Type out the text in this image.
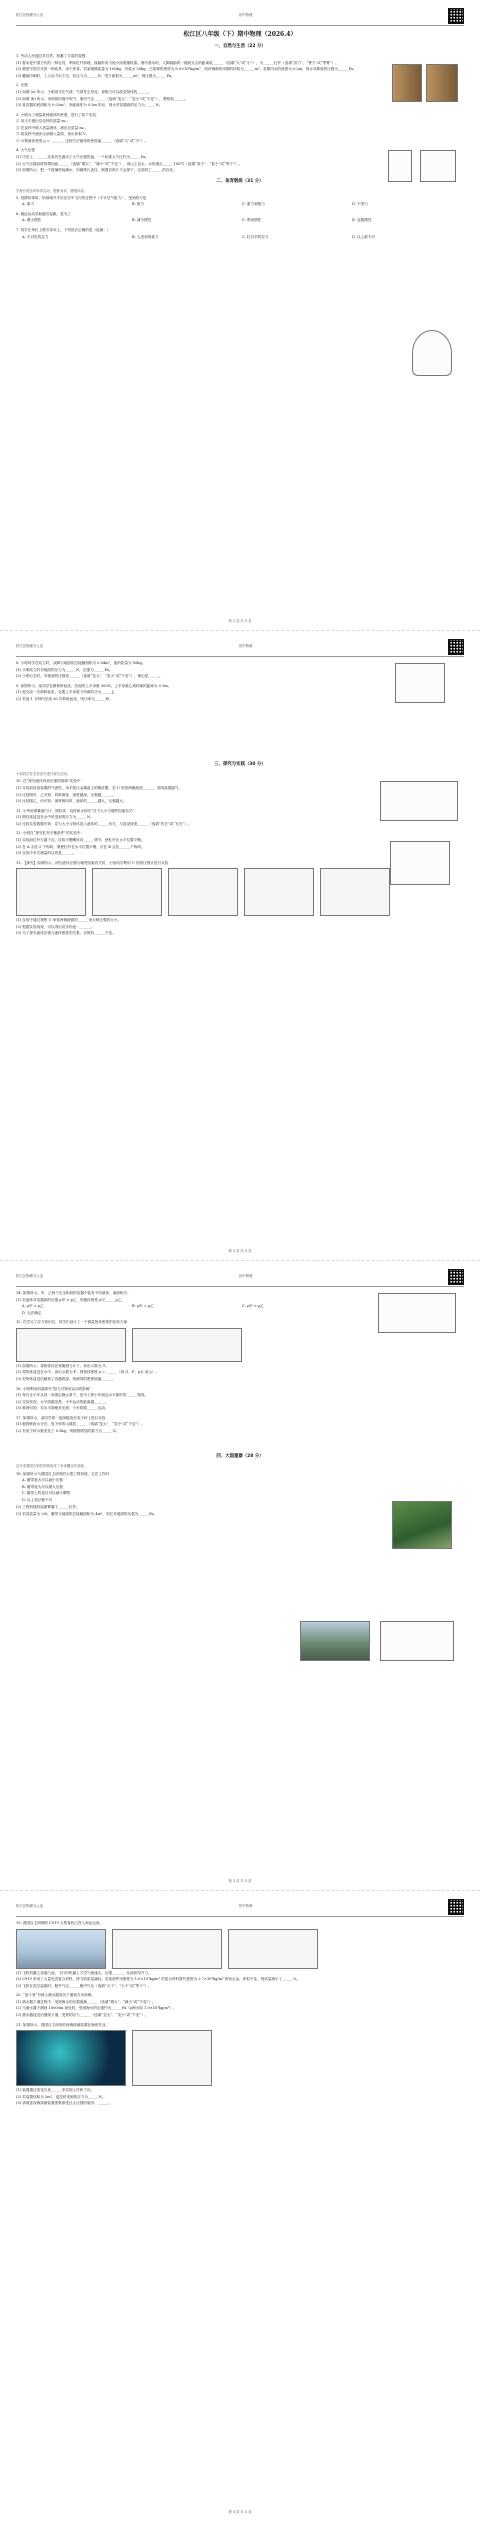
松江区物理办公室	初中物理
松江区八年级（下）期中物理（2026.4）
一、自然与生活（22 分）

1. 劳动人民通过对自然，积累了丰富的智慧。

(1) 舂米是中国古代的一种农具，利用杠杆原理，踩踏时用力较小而舂捶较重。图中舂米时，人脚踩踏的一端到支点的距离较______（选填“大”或“小”），为______杠杆（选填“省力”、“费力”或“等臂”）。

(2) 鼎是中国古代的一种炊具，用于煮食。若某铜鼎质量为 100kg，内装水 50kg，已知铜的密度为 8.9×10³kg/m³，则该铜鼎所用铜的体积为______m³；若鼎内水的深度为 0.2m，则水对鼎底的压强为______Pa。

(3) 雕版印刷时，工人用力向下压，若压力为______N，受力面积为______m²，则压强为______Pa。

2. 压强

(1) 如图 (a) 所示，小明用手压气球，气球发生形变，说明力可以改变物体的______。

(2) 如图 (b) 所示，用细管向瓶中吹气，瓶内气压______（选填“变大”、“变小”或“不变”），观察到______。

(3) 某容器的底面积为 0.02m²，内盛深度为 0.3m 的水，则水对容器底的压力为______N。

3. 小明为了测量某种液体的密度，进行了如下实验：

① 用天平测出空烧杯的质量 m₁；

② 在烧杯中倒入适量液体，测出总质量 m₂；

③ 将烧杯中液体全部倒入量筒，读出体积 V；

④ 计算液体密度 ρ = ______。这种方法测得的密度偏______（选填“大”或“小”）。

4. 大气压强

(1) 历史上，______实验首先测出了大气压强的值，一个标准大气压约为______Pa。

(2) 大气压随高度的增加而______（选填“增大”、“减小”或“不变”），高山上烧水，水的沸点______100℃（选填“高于”、“低于”或“等于”）。

(3) 如图所示，把一个玻璃杯装满水，用硬纸片盖住，倒置后纸片不会掉下，这说明了______的存在。

二、体育锻炼（31 分）
学校开展各种体育活动，锻炼身体，增强体质。

5. 投掷铅球时，铅球离开手后在空中飞行的过程中（不计空气阻力），受到的力是

A. 重力	B. 推力	C. 重力和推力	D. 不受力

6. 跳远运动员助跑后起跳，是为了

A. 增大惯性	B. 减小惯性	C. 利用惯性	D. 克服惯性

7. 同学在单杠上做引体向上，下列说法正确的是（选填：）

A. 手对杠的拉力	B. 人受到的重力	C. 杠对手的拉力	D. 以上都不对
第 1 页 共 5 页
松江区物理办公室	初中物理

8. 小明同学在站立时，双脚与地面的总接触面积为 0.04m²，他的质量为 50kg。

(1) 小明站立时对地面的压力为______N，压强为______Pa。

(2) 小明行走时，对地面的压强将______（选填“变大”、“变小”或“不变”），理由是______。

9. 如图所示，某同学在做仰卧起坐，若他的上半身重 300N，上半身重心到转轴的距离为 0.3m。

(1) 他完成一次仰卧起坐，克服上半身重力所做的功为______J。

(2) 若他 1 分钟内完成 30 次仰卧起坐，则功率为______W。

三、探究与实践（30 分）
小组同学在实验室中进行探究活动。

10. 在“探究液体内部压强的规律”实验中：

(1) 实验前检查装置的气密性，用手按压金属盒上的橡皮膜，若 U 形管两侧液面______，说明装置漏气。

(2) 比较图甲、乙可知：同种液体，深度越深，压强越______。

(3) 比较图乙、丙可知：深度相同时，液体的______越大，压强越大。

11. 小华用弹簧测力计、圆柱体、烧杯和水探究“浮力大小与哪些因素有关”：

(1) 圆柱体浸没在水中时受到的浮力为______N。

(2) 比较实验数据可知：浮力大小与物体浸入液体的______有关，与浸没深度______（选填“有关”或“无关”）。

12. 小明在“探究杠杆平衡条件”的实验中：

(1) 实验前杠杆左端下沉，应将平衡螺母向______调节，使杠杆在水平位置平衡。

(2) 在 A 点挂 2 个钩码，要使杠杆在水平位置平衡，应在 B 点挂______个钩码。

(3) 实验中多次测量的目的是______。

13. 【探究】如图所示，研究液体压强与哪些因素有关时，小组同学利用 U 形管压强计进行实验：

(1) 实验中通过观察 U 形管两侧液面的______来反映压强的大小。

(2) 根据实验现象，可以得出初步结论：______。

(3) 为了探究液体压强与液体密度的关系，应保持______不变。

第 2 页 共 5 页
松江区物理办公室	初中物理

14. 如图所示，甲、乙两个完全相同的容器中装有不同液体，液面相平。

(1) 若液体对容器底的压强 p甲 > p乙，则液体密度 ρ甲______ρ乙。

A. ρ甲 > ρ乙	B. ρ甲 = ρ乙	C. ρ甲 < ρ乙
D. 无法确定

15. 在学习了浮力知识后，同学们设计了一个测量物体密度的实验方案：

(1) 如图所示，将物体挂在弹簧测力计下，读出示数为 G；

(2) 将物体浸没在水中，读出示数为 F；则物体密度 ρ = ______（用 G、F、ρ水 表示）。

(3) 若物体浸没后碰到了容器底部，则测得的密度值偏______。

16. 小明利用斜面探究“阻力对物体运动的影响”：

(1) 每次让小车从同一高度由静止滑下，是为了使小车到达水平面时的______相同。

(2) 实验发现，水平面越光滑，小车运动的距离越______。

(3) 推理可知：若水平面绝对光滑，小车将做______运动。

17. 如图所示，某同学将一盆绿植放在电子秤上进行实验：

(1) 植物吸收水分后，电子秤的示数将______（选填“变大”、“变小”或“不变”）。

(2) 若电子秤示数变化了 0.5kg，则植物增加的重力为______N。

四、大国重器（28 分）
近年来我国在科技领域取得了举世瞩目的成就。

18. 如图所示为我国自主研发的大型工程机械，它在工作时：

A. 履带宽大可以减小压强
B. 履带宽大可以增大压强
C. 履带上的花纹可以减小摩擦
D. 以上说法都不对

(2) 工程机械的起重臂属于______杠杆。

(3) 若其质量为 20t，履带与地面的总接触面积为 4m²，则它对地面的压强为______Pa。

第 3 页 共 5 页
松江区物理办公室	初中物理

19. 我国自主研制的 C919 大型客机已投入商业运营。

(1) 飞机机翼上表面凸起，飞行时机翼上方空气流速大、压强______，从而获得升力。

(2) C919 采用了大量先进复合材料，使飞机质量减轻。若某部件用密度为 1.6×10³kg/m³ 的复合材料替代密度为 2.7×10³kg/m³ 的铝合金，体积不变，则质量减小了______%。

(3) 飞机在高空巡航时，舱外气压______舱内气压（选填“大于”、“小于”或“等于”）。

20. “奋斗者”号载人潜水器成功下潜到万米深海。

(1) 潜水器下潜过程中，受到海水的压强逐渐______（选填“增大”、“减小”或“不变”）。

(2) 当潜水器下潜到 10000m 深处时，受到海水的压强约为______Pa（ρ海水取 1.0×10³kg/m³）。

(3) 潜水器浸没后继续下潜，受到的浮力______（选填“变大”、“变小”或“不变”）。

21. 如图所示，我国自主研发的深海探测装置在海底作业。

(1) 装置通过改变自身______来实现上浮和下沉。

(2) 若装置体积为 2m³，浸没时受到的浮力为______N。

(3) 请简述深海探测装置需要承受巨大压强的原因：______。

第 4 页 共 5 页
